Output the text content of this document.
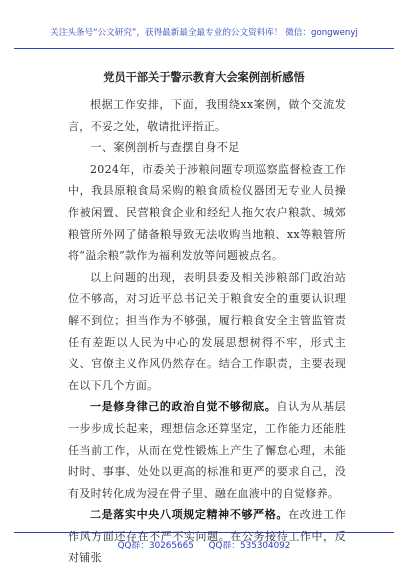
关注头条号“公文研究”，获得最新最全最专业的公文资料库！ 微信：gongwenyj
党员干部关于警示教育大会案例剖析感悟

根据工作安排，下面，我围绕xx案例，做个交流发言，不妥之处，敬请批评指正。

一、案例剖析与查摆自身不足

2024年，市委关于涉粮问题专项巡察监督检查工作中，我县原粮食局采购的粮食质检仪器团无专业人员操作被闲置、民营粮食企业和经纪人拖欠农户粮款、城郊粮管所外网了储备粮导致无法收购当地粮、xx等粮管所将“溢余粮”款作为福利发放等问题被点名。

以上问题的出现，表明县委及相关涉粮部门政治站位不够高，对习近平总书记关于粮食安全的重要认识理解不到位；担当作为不够强，履行粮食安全主管监管责任有差距以人民为中心的发展思想树得不牢，形式主义、官僚主义作风仍然存在。结合工作职责，主要表现在以下几个方面。

一是修身律己的政治自觉不够彻底。自认为从基层一步步成长起来，理想信念还算坚定，工作能力还能胜任当前工作，从而在党性锻炼上产生了懈怠心理，未能时时、事事、处处以更高的标准和更严的要求自己，没有及时转化成为浸在骨子里、融在血液中的自觉修养。

二是落实中央八项规定精神不够严格。在改进工作作风方面还存在不严不实问题。在公务接待工作中，反对铺张

QQ群：30265665 QQ群：535304092
